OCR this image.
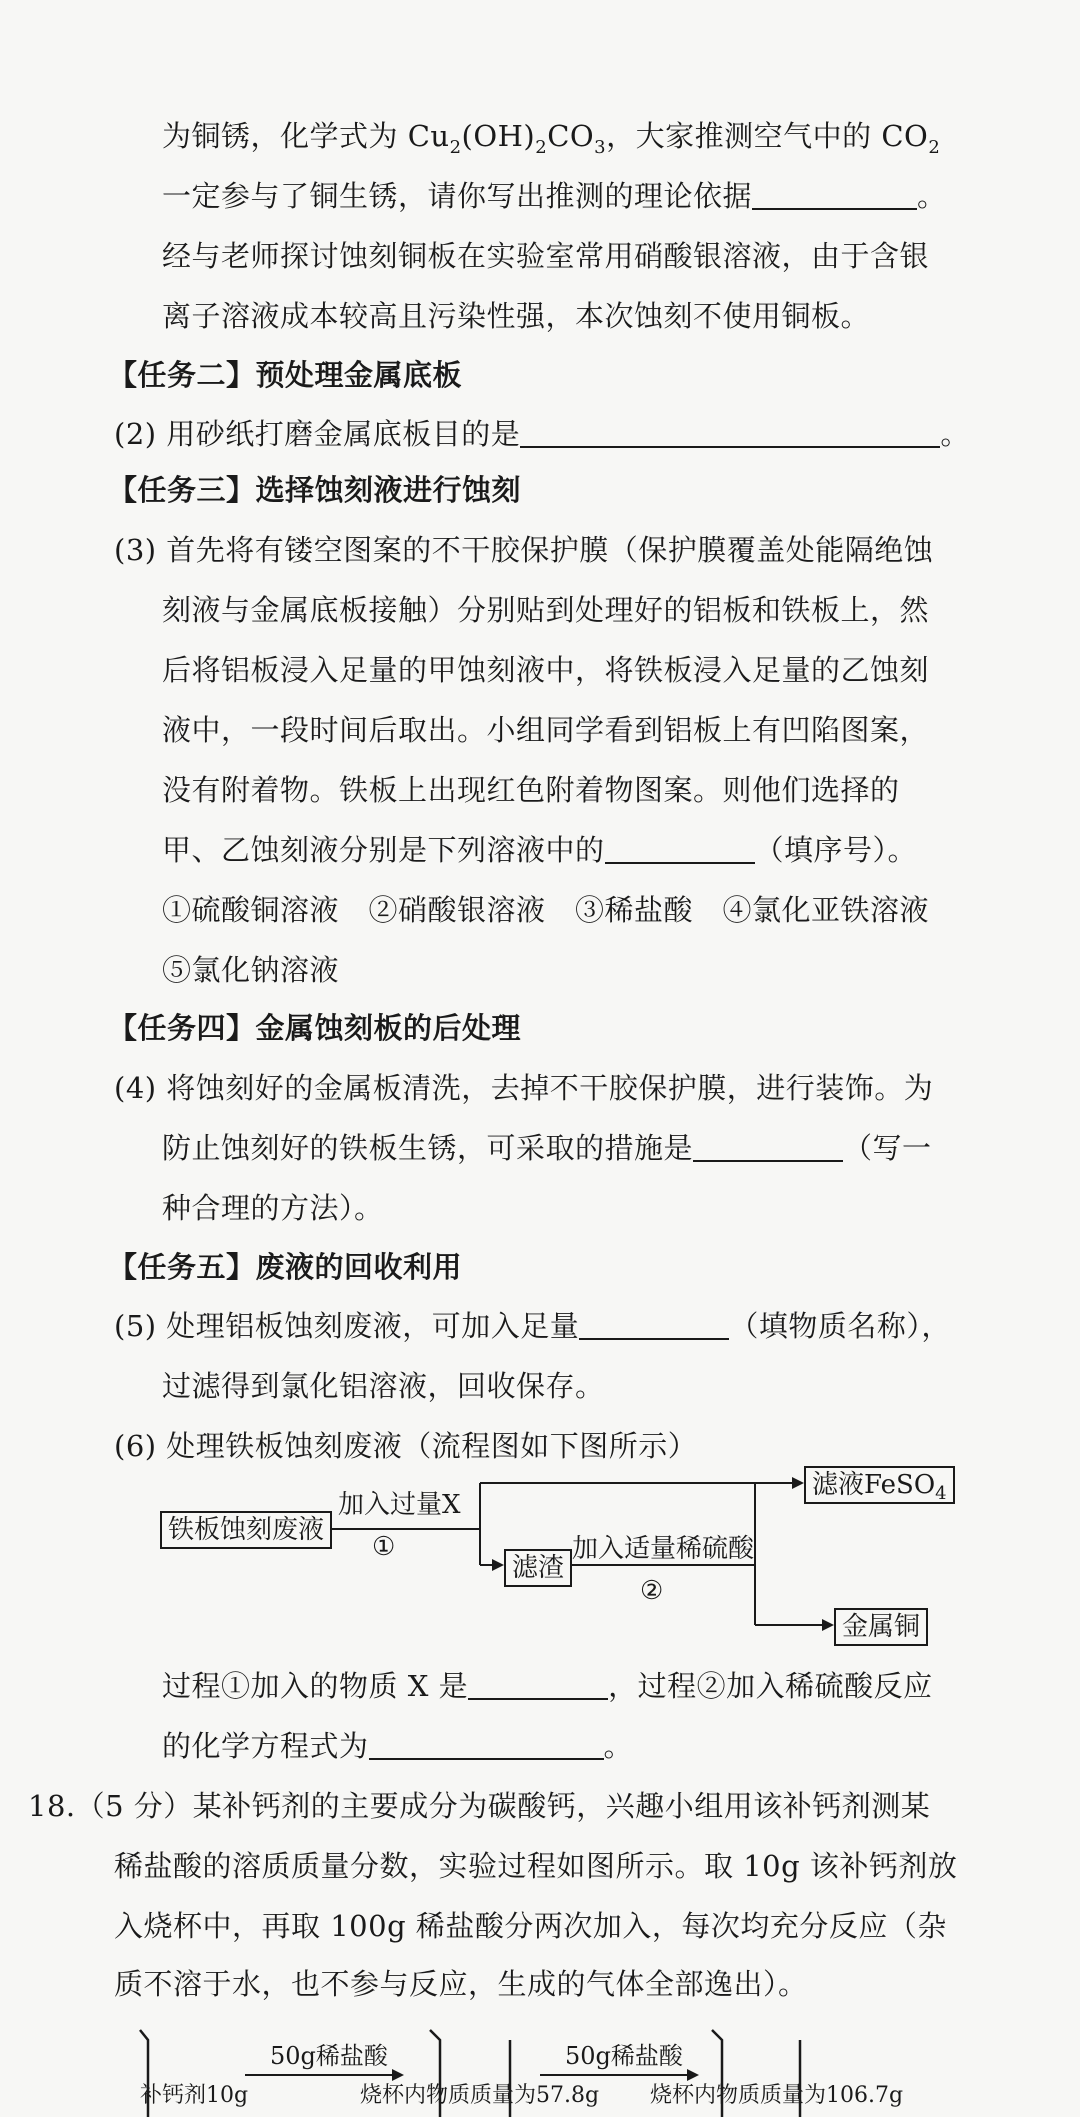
为铜锈，化学式为 $Cu_2(OH)_2CO_3$，大家推测空气中的 $CO_2$
一定参与了铜生锈，请你写出推测的理论依据	。
经与老师探讨蚀刻铜板在实验室常用硝酸银溶液，由于含银
离子溶液成本较高且污染性强，本次蚀刻不使用铜板。
【任务二】预处理金属底板
(2) 用砂纸打磨金属底板目的是	。
【任务三】选择蚀刻液进行蚀刻
(3) 首先将有镂空图案的不干胶保护膜（保护膜覆盖处能隔绝蚀
刻液与金属底板接触）分别贴到处理好的铝板和铁板上，然
后将铝板浸入足量的甲蚀刻液中，将铁板浸入足量的乙蚀刻
液中，一段时间后取出。小组同学看到铝板上有凹陷图案，
没有附着物。铁板上出现红色附着物图案。则他们选择的
甲、乙蚀刻液分别是下列溶液中的	（填序号）。
①硫酸铜溶液　②硝酸银溶液　③稀盐酸　④氯化亚铁溶液
⑤氯化钠溶液
【任务四】金属蚀刻板的后处理
(4) 将蚀刻好的金属板清洗，去掉不干胶保护膜，进行装饰。为
防止蚀刻好的铁板生锈，可采取的措施是	（写一
种合理的方法）。
【任务五】废液的回收利用
(5) 处理铝板蚀刻废液，可加入足量	（填物质名称），
过滤得到氯化铝溶液，回收保存。
(6) 处理铁板蚀刻废液（流程图如下图所示）
铁板蚀刻废液
加入过量X
①
滤渣
加入适量稀硫酸
②
滤液FeSO$_4$
金属铜
过程①加入的物质 X 是	，过程②加入稀硫酸反应
的化学方程式为	。
18.（5 分）某补钙剂的主要成分为碳酸钙，兴趣小组用该补钙剂测某
稀盐酸的溶质质量分数，实验过程如图所示。取 10g 该补钙剂放
入烧杯中，再取 100g 稀盐酸分两次加入，每次均充分反应（杂
质不溶于水，也不参与反应，生成的气体全部逸出）。
50g稀盐酸	50g稀盐酸
补钙剂10g	烧杯内物质质量为57.8g 烧杯内物质质量为106.7g
